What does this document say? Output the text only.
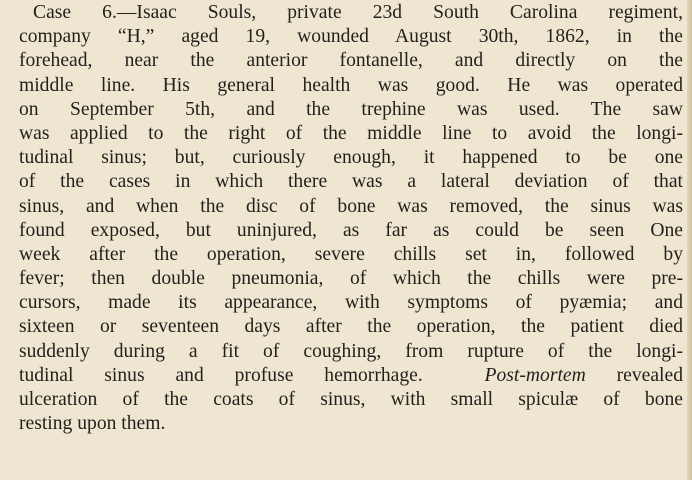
Case 6.—Isaac Souls, private 23d South Carolina regiment,
company “H,” aged 19, wounded August 30th, 1862, in the
forehead, near the anterior fontanelle, and directly on the
middle line. His general health was good. He was operated
on September 5th, and the trephine was used. The saw
was applied to the right of the middle line to avoid the longi-
tudinal sinus; but, curiously enough, it happened to be one
of the cases in which there was a lateral deviation of that
sinus, and when the disc of bone was removed, the sinus was
found exposed, but uninjured, as far as could be seen One
week after the operation, severe chills set in, followed by
fever; then double pneumonia, of which the chills were pre-
cursors, made its appearance, with symptoms of pyæmia; and
sixteen or seventeen days after the operation, the patient died
suddenly during a fit of coughing, from rupture of the longi-
tudinal sinus and profuse hemorrhage.	Post-mortem revealed
ulceration of the coats of sinus, with small spiculæ of bone
resting upon them.
